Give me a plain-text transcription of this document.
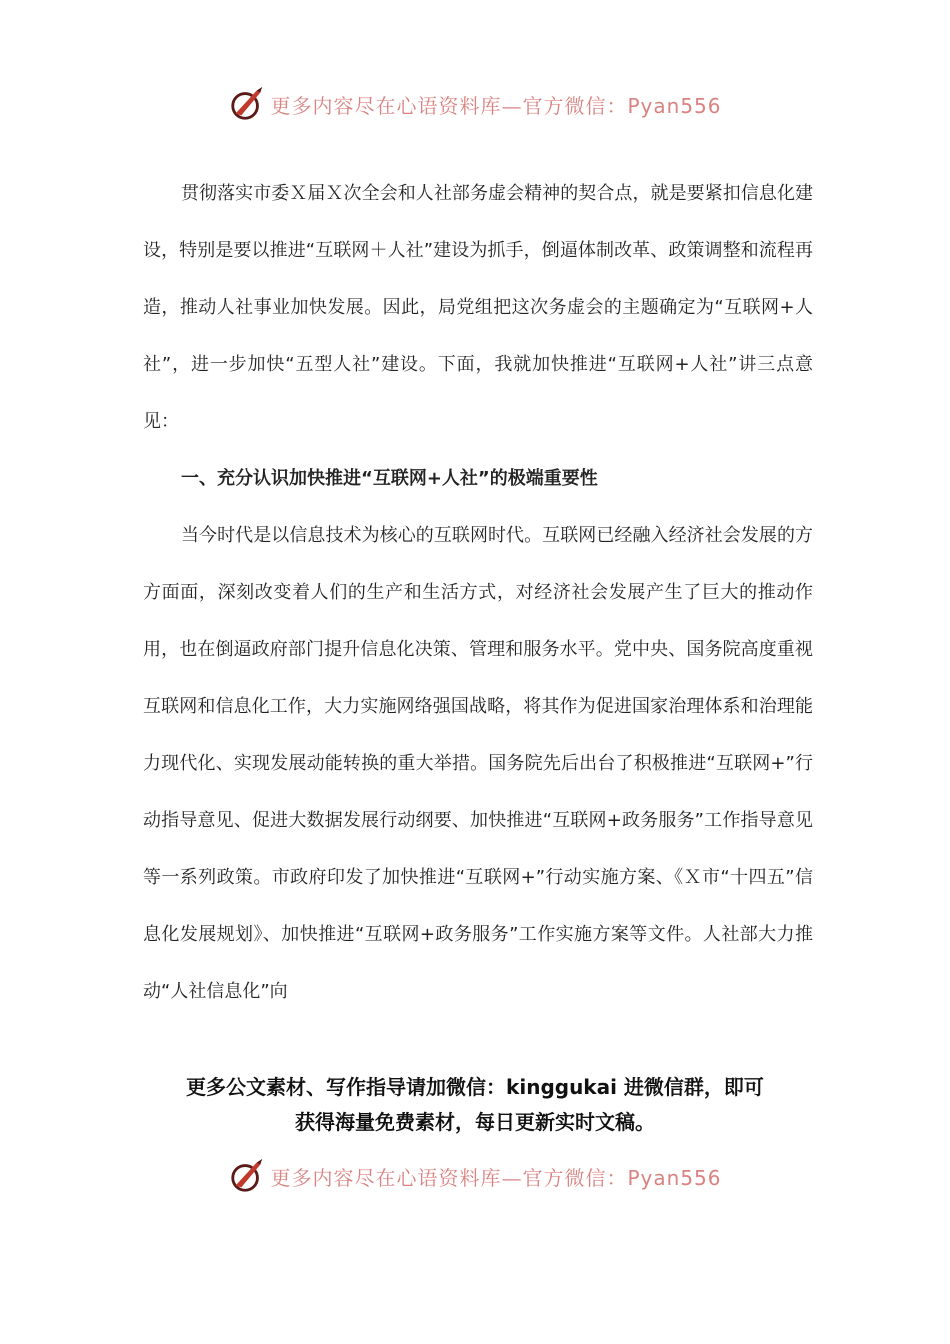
更多内容尽在心语资料库—官方微信：Pyan556

贯彻落实市委Ｘ届Ｘ次全会和人社部务虚会精神的契合点，就是要紧扣信息化建设，特别是要以推进“互联网＋人社”建设为抓手，倒逼体制改革、政策调整和流程再造，推动人社事业加快发展。因此，局党组把这次务虚会的主题确定为“互联网+人社”，进一步加快“五型人社”建设。下面，我就加快推进“互联网+人社”讲三点意见：

一、充分认识加快推进“互联网+人社”的极端重要性

当今时代是以信息技术为核心的互联网时代。互联网已经融入经济社会发展的方方面面，深刻改变着人们的生产和生活方式，对经济社会发展产生了巨大的推动作用，也在倒逼政府部门提升信息化决策、管理和服务水平。党中央、国务院高度重视互联网和信息化工作，大力实施网络强国战略，将其作为促进国家治理体系和治理能力现代化、实现发展动能转换的重大举措。国务院先后出台了积极推进“互联网+”行动指导意见、促进大数据发展行动纲要、加快推进“互联网+政务服务”工作指导意见等一系列政策。市政府印发了加快推进“互联网+”行动实施方案、《Ｘ市“十四五”信息化发展规划》、加快推进“互联网+政务服务”工作实施方案等文件。人社部大力推动“人社信息化”向

更多公文素材、写作指导请加微信：kinggukai 进微信群，即可
获得海量免费素材，每日更新实时文稿。
更多内容尽在心语资料库—官方微信：Pyan556
